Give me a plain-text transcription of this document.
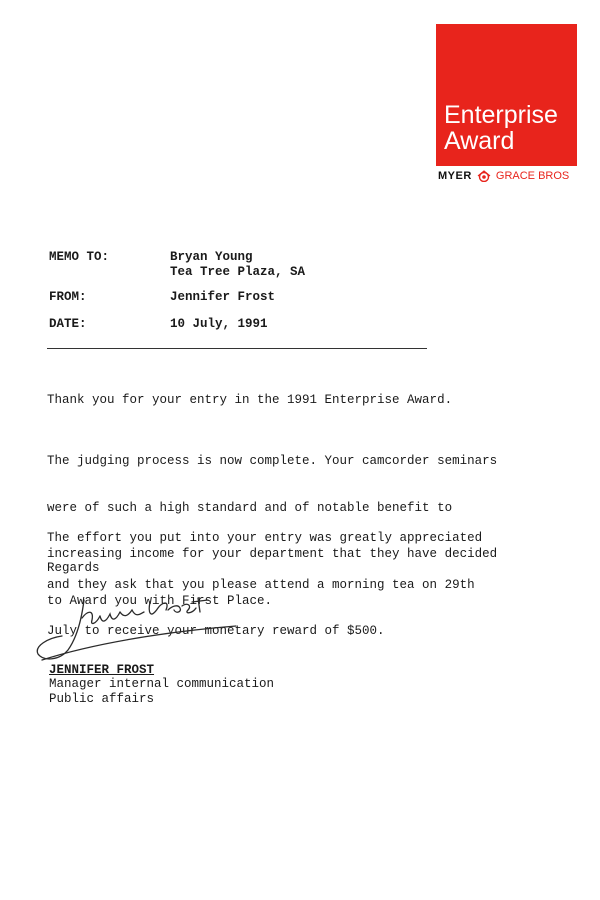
Enterprise
Award
MYER GRACE BROS
MEMO TO:	Bryan Young
Tea Tree Plaza, SA
FROM:	Jennifer Frost
DATE:	10 July, 1991
Thank you for your entry in the 1991 Enterprise Award.

The judging process is now complete. Your camcorder seminars

were of such a high standard and of notable benefit to

increasing income for your department that they have decided

to Award you with First Place.

The effort you put into your entry was greatly appreciated

and they ask that you please attend a morning tea on 29th

July to receive your monetary reward of $500.

Regards
JENNIFER FROST
Manager internal communication
Public affairs
